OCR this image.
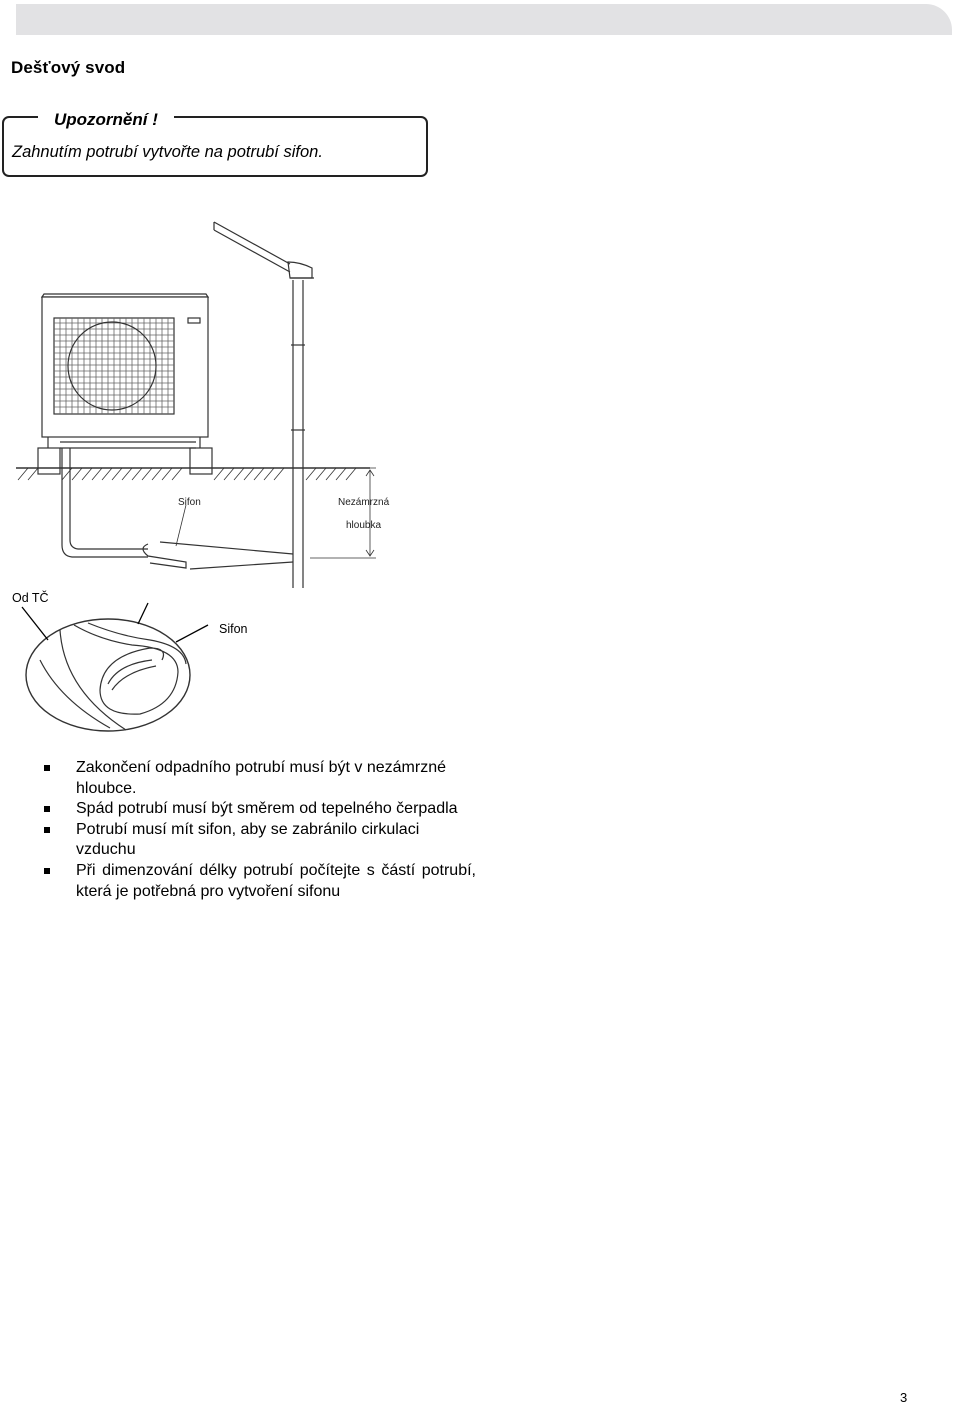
Dešťový svod
Upozornění !
Zahnutím potrubí vytvořte na potrubí sifon.
Sifon	Nezámrzná
hloubka
Od TČ
Sifon
Zakončení odpadního potrubí musí být v nezámrzné hloubce.
Spád potrubí musí být směrem od tepelného čerpadla
Potrubí musí mít sifon, aby se zabránilo cirkulaci vzduchu
Při dimenzování délky potrubí počítejte s částí potrubí, která je potřebná pro vytvoření sifonu
3
